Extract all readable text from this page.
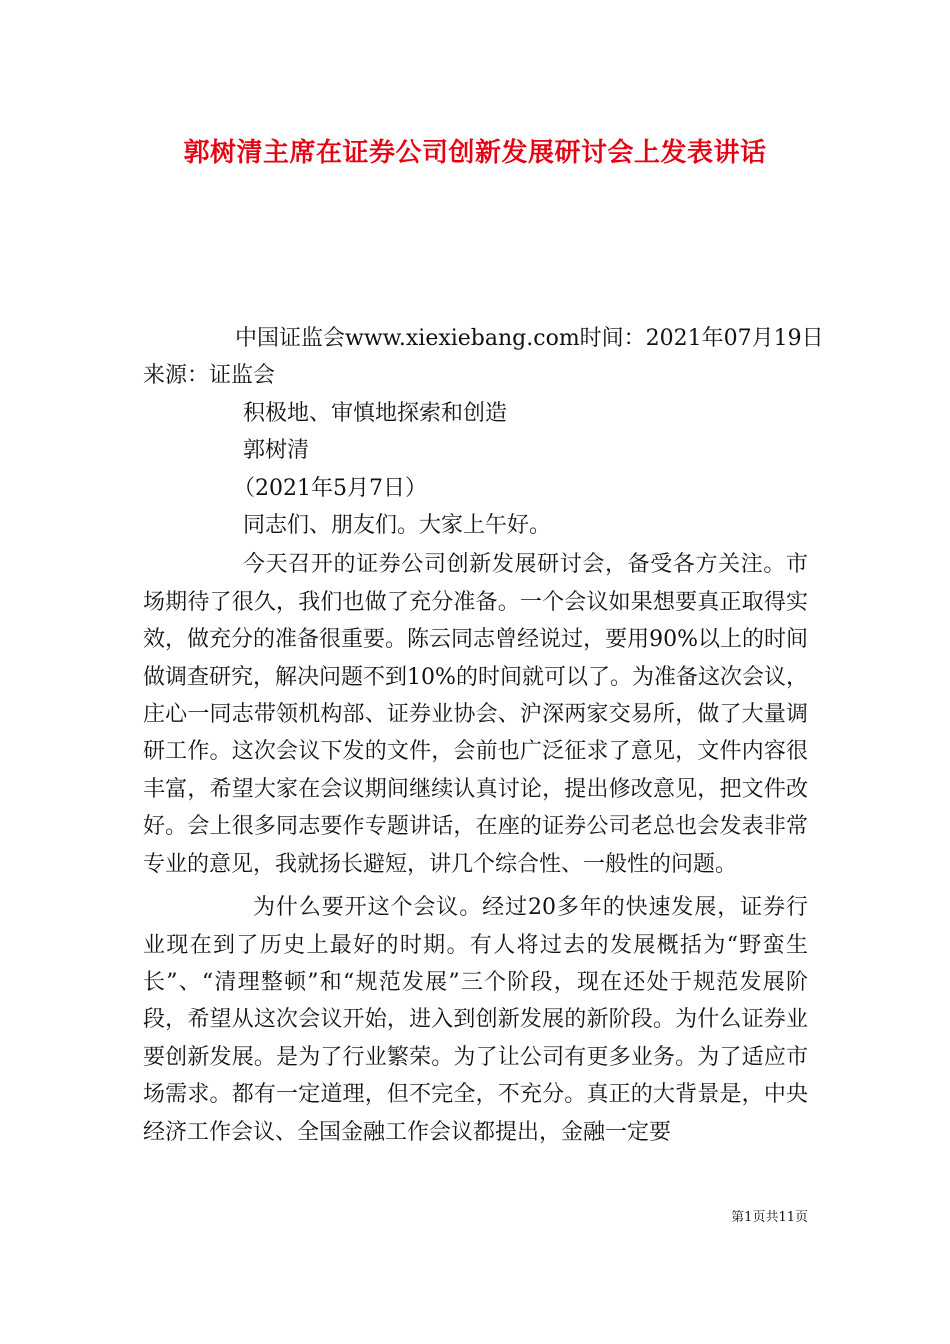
郭树清主席在证券公司创新发展研讨会上发表讲话

中国证监会www.xiexiebang.com时间：2021年07月19日

来源：证监会

积极地、审慎地探索和创造

郭树清

（2021年5月7日）

同志们、朋友们。大家上午好。

今天召开的证券公司创新发展研讨会，备受各方关注。市场期待了很久，我们也做了充分准备。一个会议如果想要真正取得实效，做充分的准备很重要。陈云同志曾经说过，要用90%以上的时间做调查研究，解决问题不到10%的时间就可以了。为准备这次会议，庄心一同志带领机构部、证券业协会、沪深两家交易所，做了大量调研工作。这次会议下发的文件，会前也广泛征求了意见，文件内容很丰富，希望大家在会议期间继续认真讨论，提出修改意见，把文件改好。会上很多同志要作专题讲话，在座的证券公司老总也会发表非常专业的意见，我就扬长避短，讲几个综合性、一般性的问题。

为什么要开这个会议。经过20多年的快速发展，证券行业现在到了历史上最好的时期。有人将过去的发展概括为“野蛮生长”、“清理整顿”和“规范发展”三个阶段，现在还处于规范发展阶段，希望从这次会议开始，进入到创新发展的新阶段。为什么证券业要创新发展。是为了行业繁荣。为了让公司有更多业务。为了适应市场需求。都有一定道理，但不完全，不充分。真正的大背景是，中央经济工作会议、全国金融工作会议都提出，金融一定要

第1页共11页
